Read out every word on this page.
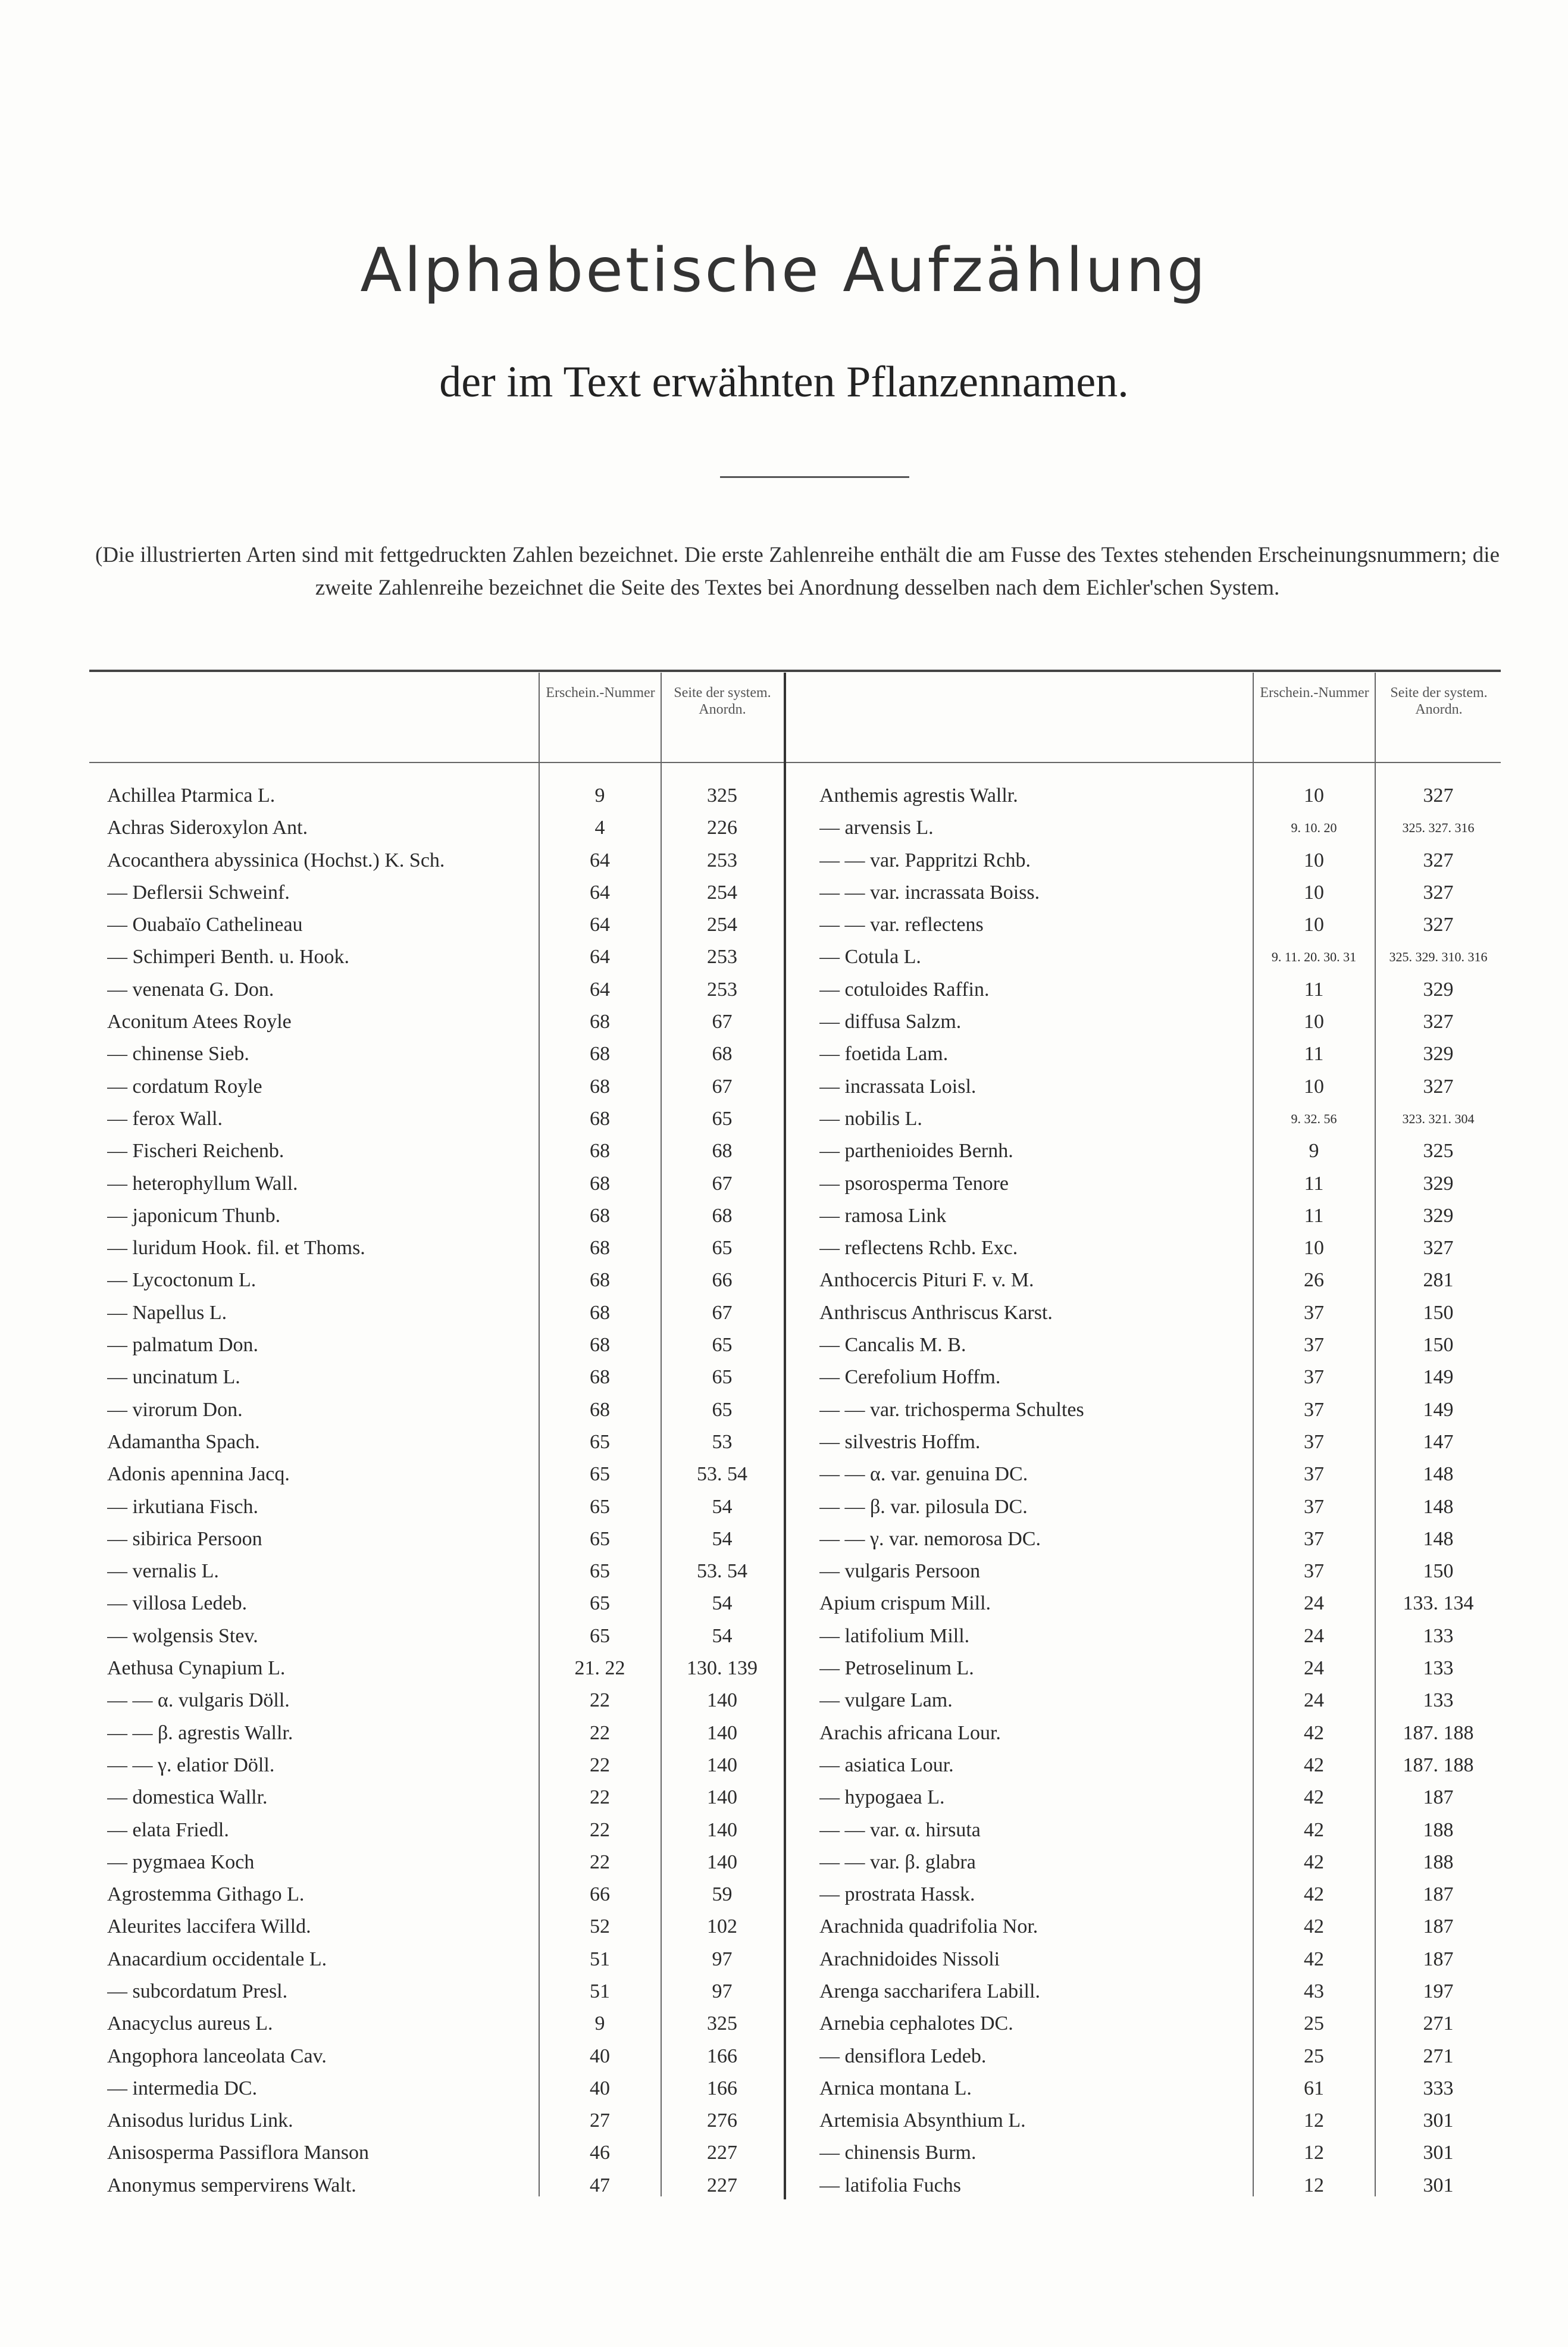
Alphabetische Aufzählung
der im Text erwähnten Pflanzennamen.
(Die illustrierten Arten sind mit fettgedruckten Zahlen bezeichnet. Die erste Zahlenreihe enthält die am Fusse des Textes stehenden Erscheinungsnummern; die zweite Zahlenreihe bezeichnet die Seite des Textes bei Anordnung desselben nach dem Eichler'schen System.
Erschein.-Nummer	Seite der system. Anordn.
Erschein.-Nummer	Seite der system. Anordn.
Achillea Ptarmica L.	9	325
Achras Sideroxylon Ant.	4	226
Acocanthera abyssinica (Hochst.) K. Sch.	64	253
— Deflersii Schweinf.	64	254
— Ouabaïo Cathelineau	64	254
— Schimperi Benth. u. Hook.	64	253
— venenata G. Don.	64	253
Aconitum Atees Royle	68	67
— chinense Sieb.	68	68
— cordatum Royle	68	67
— ferox Wall.	68	65
— Fischeri Reichenb.	68	68
— heterophyllum Wall.	68	67
— japonicum Thunb.	68	68
— luridum Hook. fil. et Thoms.	68	65
— Lycoctonum L.	68	66
— Napellus L.	68	67
— palmatum Don.	68	65
— uncinatum L.	68	65
— virorum Don.	68	65
Adamantha Spach.	65	53
Adonis apennina Jacq.	65	53. 54
— irkutiana Fisch.	65	54
— sibirica Persoon	65	54
— vernalis L.	65	53. 54
— villosa Ledeb.	65	54
— wolgensis Stev.	65	54
Aethusa Cynapium L.	21. 22	130. 139
— — α. vulgaris Döll.	22	140
— — β. agrestis Wallr.	22	140
— — γ. elatior Döll.	22	140
— domestica Wallr.	22	140
— elata Friedl.	22	140
— pygmaea Koch	22	140
Agrostemma Githago L.	66	59
Aleurites laccifera Willd.	52	102
Anacardium occidentale L.	51	97
— subcordatum Presl.	51	97
Anacyclus aureus L.	9	325
Angophora lanceolata Cav.	40	166
— intermedia DC.	40	166
Anisodus luridus Link.	27	276
Anisosperma Passiflora Manson	46	227
Anonymus sempervirens Walt.	47	227
Anthemis agrestis Wallr.	10	327
— arvensis L.	9. 10. 20	325. 327. 316
— — var. Pappritzi Rchb.	10	327
— — var. incrassata Boiss.	10	327
— — var. reflectens	10	327
— Cotula L.	9. 11. 20. 30. 31	325. 329. 310. 316
— cotuloides Raffin.	11	329
— diffusa Salzm.	10	327
— foetida Lam.	11	329
— incrassata Loisl.	10	327
— nobilis L.	9. 32. 56	323. 321. 304
— parthenioides Bernh.	9	325
— psorosperma Tenore	11	329
— ramosa Link	11	329
— reflectens Rchb. Exc.	10	327
Anthocercis Pituri F. v. M.	26	281
Anthriscus Anthriscus Karst.	37	150
— Cancalis M. B.	37	150
— Cerefolium Hoffm.	37	149
— — var. trichosperma Schultes	37	149
— silvestris Hoffm.	37	147
— — α. var. genuina DC.	37	148
— — β. var. pilosula DC.	37	148
— — γ. var. nemorosa DC.	37	148
— vulgaris Persoon	37	150
Apium crispum Mill.	24	133. 134
— latifolium Mill.	24	133
— Petroselinum L.	24	133
— vulgare Lam.	24	133
Arachis africana Lour.	42	187. 188
— asiatica Lour.	42	187. 188
— hypogaea L.	42	187
— — var. α. hirsuta	42	188
— — var. β. glabra	42	188
— prostrata Hassk.	42	187
Arachnida quadrifolia Nor.	42	187
Arachnidoides Nissoli	42	187
Arenga saccharifera Labill.	43	197
Arnebia cephalotes DC.	25	271
— densiflora Ledeb.	25	271
Arnica montana L.	61	333
Artemisia Absynthium L.	12	301
— chinensis Burm.	12	301
— latifolia Fuchs	12	301
